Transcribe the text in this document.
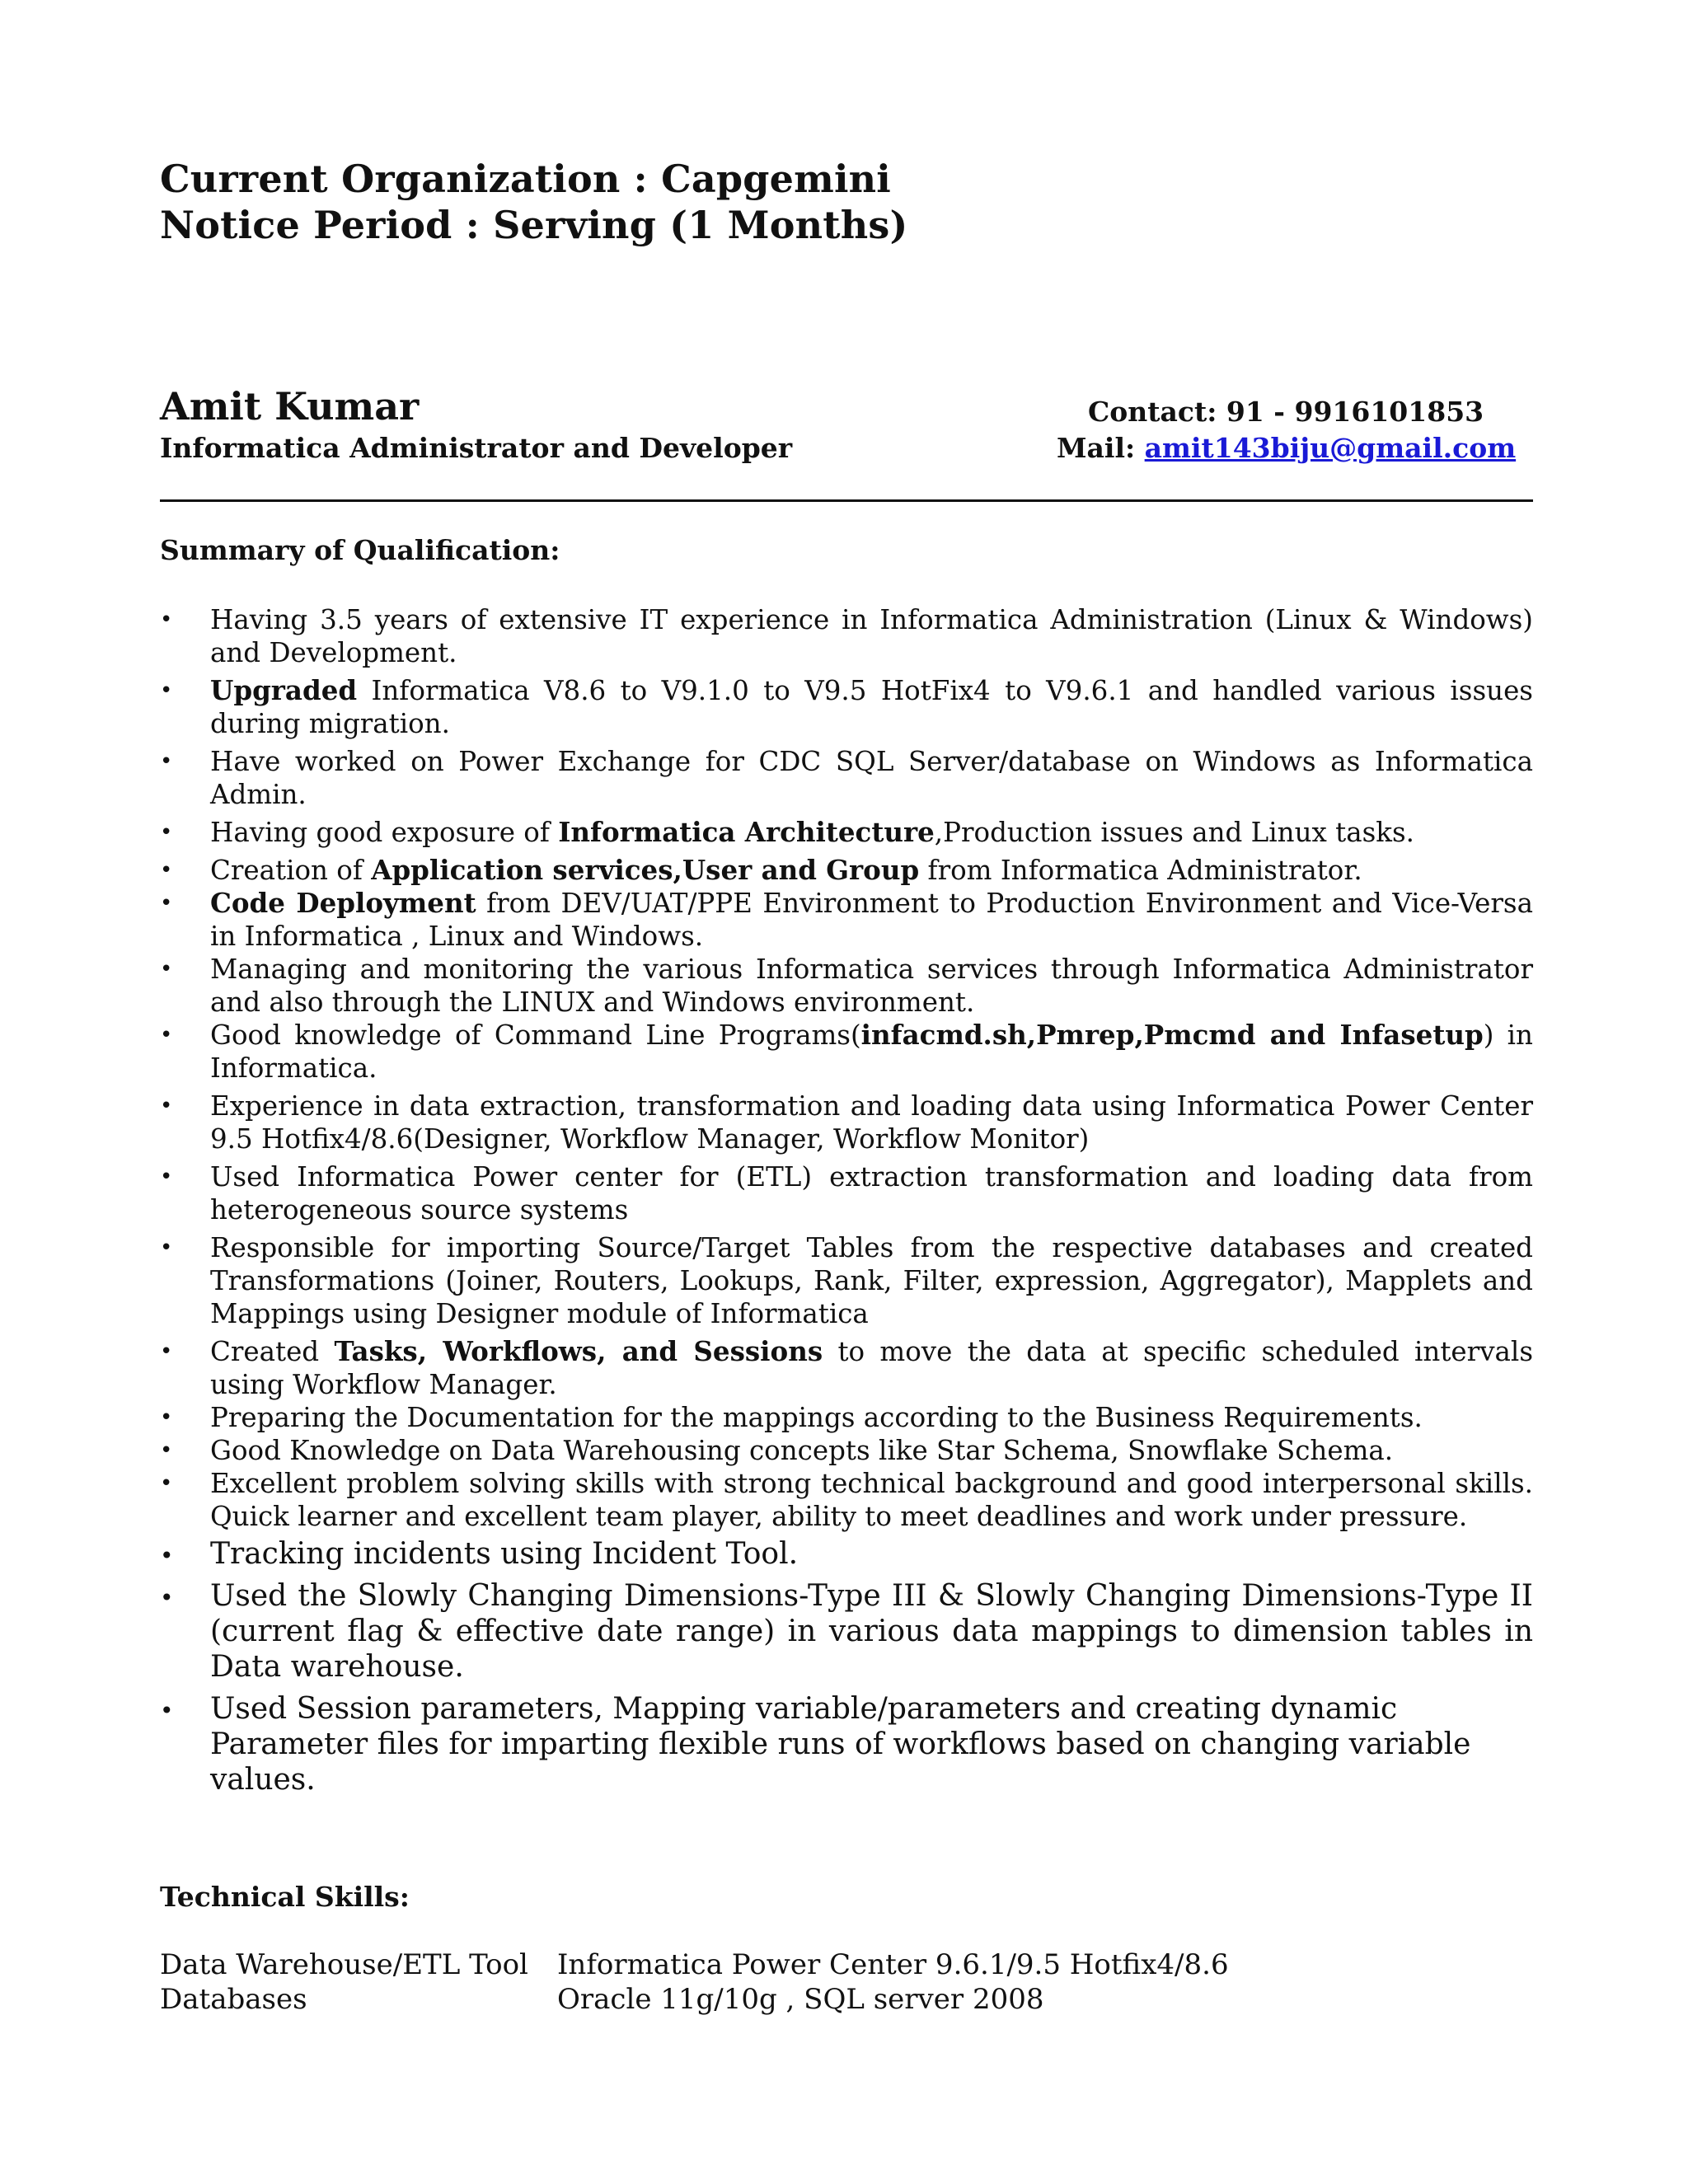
Current Organization : Capgemini
Notice Period : Serving (1 Months)
Amit Kumar
Informatica Administrator and Developer
Contact: 91 - 9916101853
Mail: amit143biju@gmail.com
Summary of Qualification:
• Having 3.5 years of extensive IT experience in Informatica Administration (Linux & Windows) and Development.
• Upgraded Informatica V8.6 to V9.1.0 to V9.5 HotFix4 to V9.6.1 and handled various issues during migration.
• Have worked on Power Exchange for CDC SQL Server/database on Windows as Informatica Admin.
• Having good exposure of Informatica Architecture,Production issues and Linux tasks.
• Creation of Application services,User and Group from Informatica Administrator.
• Code Deployment from DEV/UAT/PPE Environment to Production Environment and Vice-Versa in Informatica , Linux and Windows.
• Managing and monitoring the various Informatica services through Informatica Administrator and also through the LINUX and Windows environment.
• Good knowledge of Command Line Programs(infacmd.sh,Pmrep,Pmcmd and Infasetup) in Informatica.
• Experience in data extraction, transformation and loading data using Informatica Power Center 9.5 Hotfix4/8.6(Designer, Workflow Manager, Workflow Monitor)
• Used Informatica Power center for (ETL) extraction transformation and loading data from heterogeneous source systems
• Responsible for importing Source/Target Tables from the respective databases and created Transformations (Joiner, Routers, Lookups, Rank, Filter, expression, Aggregator), Mapplets and Mappings using Designer module of Informatica
• Created Tasks, Workflows, and Sessions to move the data at specific scheduled intervals using Workflow Manager.
• Preparing the Documentation for the mappings according to the Business Requirements.
• Good Knowledge on Data Warehousing concepts like Star Schema, Snowflake Schema.
• Excellent problem solving skills with strong technical background and good interpersonal skills. Quick learner and excellent team player, ability to meet deadlines and work under pressure.
• Tracking incidents using Incident Tool.
• Used the Slowly Changing Dimensions-Type III & Slowly Changing Dimensions-Type II (current flag & effective date range) in various data mappings to dimension tables in Data warehouse.
• Used Session parameters, Mapping variable/parameters and creating dynamic Parameter files for imparting flexible runs of workflows based on changing variable values.
Technical Skills:
Data Warehouse/ETL Tool Informatica Power Center 9.6.1/9.5 Hotfix4/8.6
Databases	Oracle 11g/10g , SQL server 2008
